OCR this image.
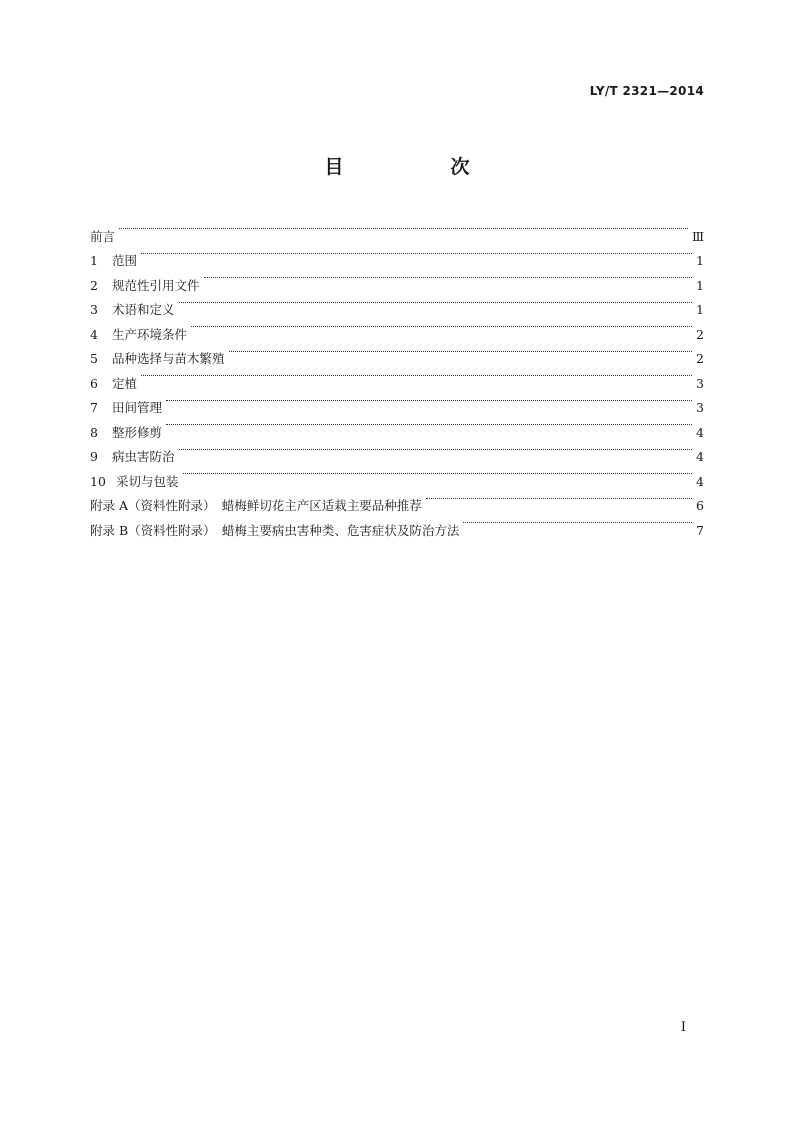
LY/T 2321—2014
目　次
前言	Ⅲ
1	范围	1
2	规范性引用文件	1
3	术语和定义	1
4	生产环境条件	2
5	品种选择与苗木繁殖	2
6	定植	3
7	田间管理	3
8	整形修剪	4
9	病虫害防治	4
10 采切与包装	4
附录 A（资料性附录）　蜡梅鲜切花主产区适栽主要品种推荐	6
附录 B（资料性附录）　蜡梅主要病虫害种类、危害症状及防治方法	7
I
